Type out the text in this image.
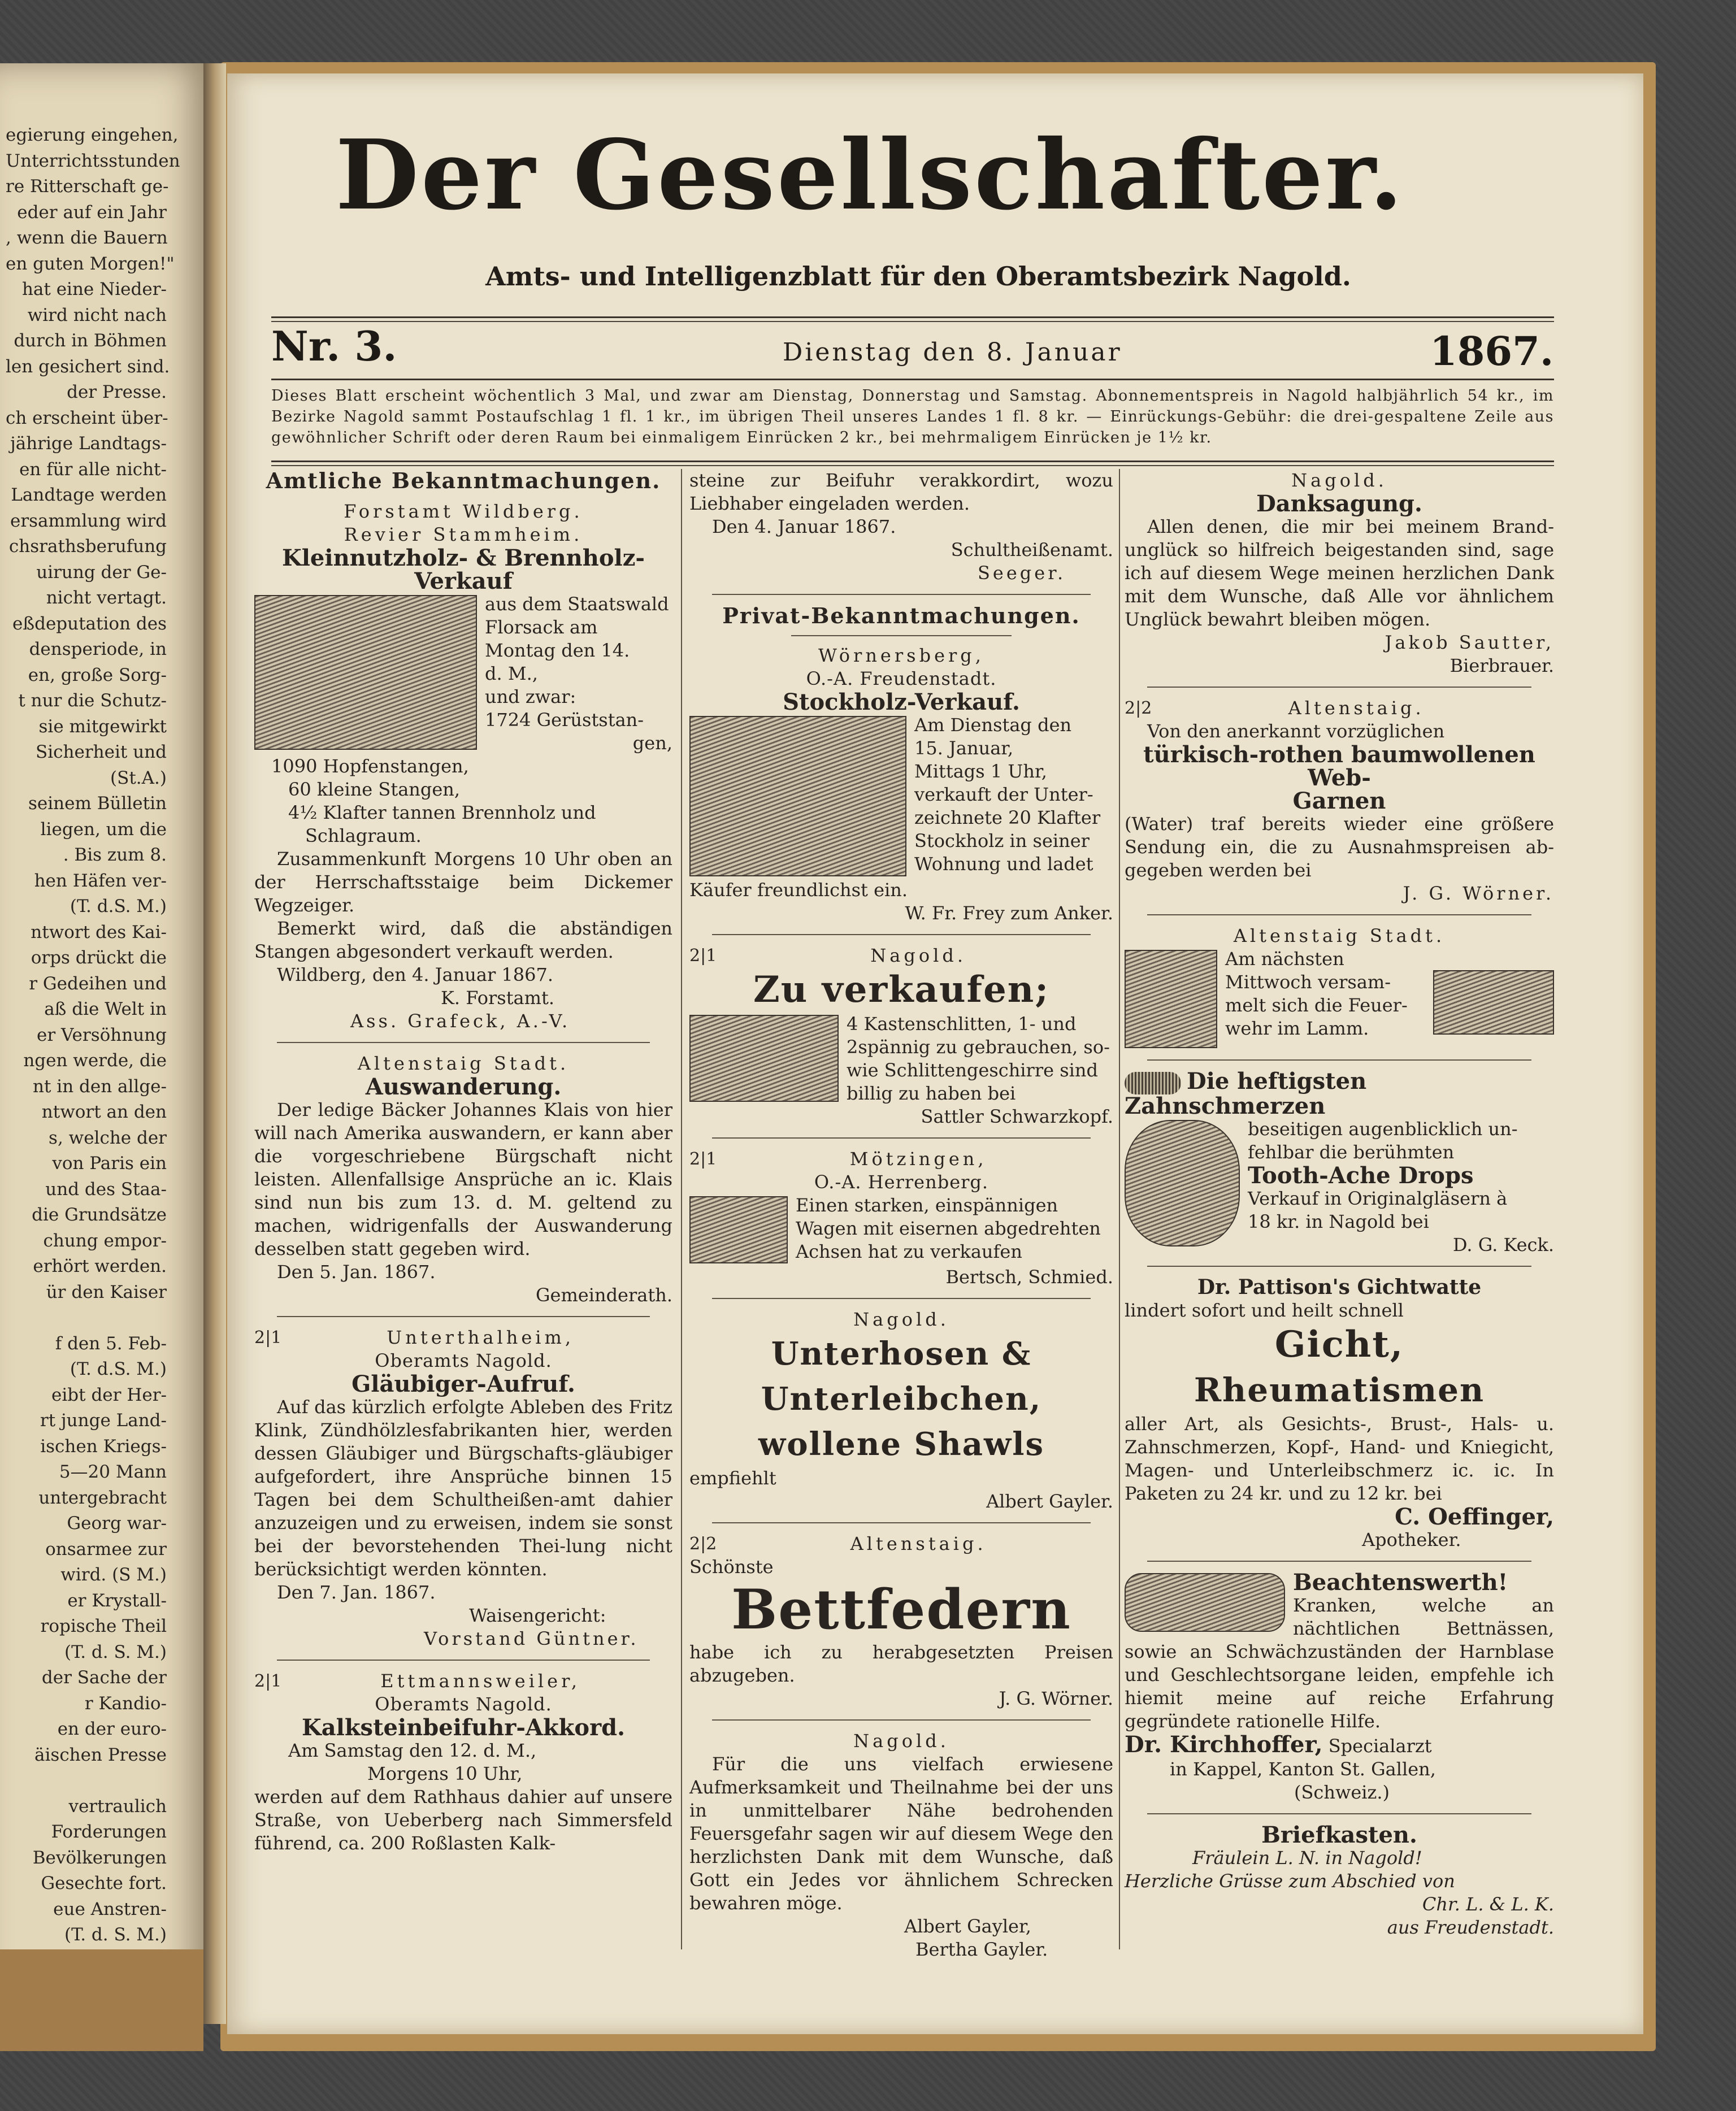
egierung eingehen,
Unterrichtsstunden
re Ritterschaft ge-
eder auf ein Jahr
, wenn die Bauern
en guten Morgen!"
hat eine Nieder-
wird nicht nach
durch in Böhmen
len gesichert sind.
der Presse.
ch erscheint über-
jährige Landtags-
en für alle nicht-
Landtage werden
ersammlung wird
chsrathsberufung
uirung der Ge-
nicht vertagt.
eßdeputation des
densperiode, in
en, große Sorg-
t nur die Schutz-
sie mitgewirkt
Sicherheit und
(St.A.)
seinem Bülletin
liegen, um die
. Bis zum 8.
hen Häfen ver-
(T. d.S. M.)
ntwort des Kai-
orps drückt die
r Gedeihen und
aß die Welt in
er Versöhnung
ngen werde, die
nt in den allge-
ntwort an den
s, welche der
von Paris ein
und des Staa-
die Grundsätze
chung empor-
erhört werden.
ür den Kaiser
f den 5. Feb-
(T. d.S. M.)
eibt der Her-
rt junge Land-
ischen Kriegs-
5—20 Mann
untergebracht
Georg war-
onsarmee zur
wird. (S M.)
er Krystall-
ropische Theil
(T. d. S. M.)
der Sache der
r Kandio-
en der euro-
äischen Presse
vertraulich
Forderungen
Bevölkerungen
Gesechte fort.
eue Anstren-
(T. d. S. M.)
Der Gesellschafter.
Amts- und Intelligenzblatt für den Oberamtsbezirk Nagold.
Nr. 3.	Dienstag den 8. Januar	1867.
Dieses Blatt erscheint wöchentlich 3 Mal, und zwar am Dienstag, Donnerstag und Samstag. Abonnementspreis in Nagold halbjährlich 54 kr., im Bezirke Nagold sammt Postaufschlag 1 fl. 1 kr., im übrigen Theil unseres Landes 1 fl. 8 kr. — Einrückungs-Gebühr: die drei-gespaltene Zeile aus gewöhnlicher Schrift oder deren Raum bei einmaligem Einrücken 2 kr., bei mehrmaligem Einrücken je 1½ kr.
Amtliche Bekanntmachungen.
Forstamt Wildberg.
Revier Stammheim.
Kleinnutzholz- & Brennholz-Verkauf
aus dem Staatswald
Florsack am
Montag den 14.
d. M.,
und zwar:
1724 Gerüststan-
gen,
1090 Hopfenstangen,
60 kleine Stangen,
4½ Klafter tannen Brennholz und
Schlagraum.
Zusammenkunft Morgens 10 Uhr oben an der Herrschaftsstaige beim Dickemer Wegzeiger.
Bemerkt wird, daß die abständigen Stangen abgesondert verkauft werden.
Wildberg, den 4. Januar 1867.
K. Forstamt.
Ass. Grafeck, A.-V.
Altenstaig Stadt.
Auswanderung.
Der ledige Bäcker Johannes Klais von hier will nach Amerika auswandern, er kann aber die vorgeschriebene Bürgschaft nicht leisten. Allenfallsige Ansprüche an ic. Klais sind nun bis zum 13. d. M. geltend zu machen, widrigenfalls der Auswanderung desselben statt gegeben wird.
Den 5. Jan. 1867.
Gemeinderath.
2|1	Unterthalheim,
Oberamts Nagold.
Gläubiger-Aufruf.
Auf das kürzlich erfolgte Ableben des Fritz Klink, Zündhölzlesfabrikanten hier, werden dessen Gläubiger und Bürgschafts-gläubiger aufgefordert, ihre Ansprüche binnen 15 Tagen bei dem Schultheißen-amt dahier anzuzeigen und zu erweisen, indem sie sonst bei der bevorstehenden Thei-lung nicht berücksichtigt werden könnten.
Den 7. Jan. 1867.
Waisengericht:
Vorstand Güntner.
2|1	Ettmannsweiler,
Oberamts Nagold.
Kalksteinbeifuhr-Akkord.
Am Samstag den 12. d. M.,
Morgens 10 Uhr,
werden auf dem Rathhaus dahier auf unsere Straße, von Ueberberg nach Simmersfeld führend, ca. 200 Roßlasten Kalk-
steine zur Beifuhr verakkordirt, wozu Liebhaber eingeladen werden.
Den 4. Januar 1867.
Schultheißenamt.
Seeger.
Privat-Bekanntmachungen.
Wörnersberg,
O.-A. Freudenstadt.
Stockholz-Verkauf.
Am Dienstag den
15. Januar,
Mittags 1 Uhr,
verkauft der Unter-
zeichnete 20 Klafter
Stockholz in seiner
Wohnung und ladet
Käufer freundlichst ein.
W. Fr. Frey zum Anker.
2|1	Nagold.
Zu verkaufen;
4 Kastenschlitten, 1- und
2spännig zu gebrauchen, so-
wie Schlittengeschirre sind
billig zu haben bei
Sattler Schwarzkopf.
2|1	Mötzingen,
O.-A. Herrenberg.
Einen starken, einspännigen
Wagen mit eisernen abgedrehten
Achsen hat zu verkaufen
Bertsch, Schmied.
Nagold.
Unterhosen & Unterleibchen,
wollene Shawls
empfiehlt
Albert Gayler.
2|2	Altenstaig.
Schönste
Bettfedern
habe ich zu herabgesetzten Preisen abzugeben.
J. G. Wörner.
Nagold.
Für die uns vielfach erwiesene Aufmerksamkeit und Theilnahme bei der uns in unmittelbarer Nähe bedrohenden Feuersgefahr sagen wir auf diesem Wege den herzlichsten Dank mit dem Wunsche, daß Gott ein Jedes vor ähnlichem Schrecken bewahren möge.
Albert Gayler,
Bertha Gayler.
Nagold.
Danksagung.
Allen denen, die mir bei meinem Brand-unglück so hilfreich beigestanden sind, sage ich auf diesem Wege meinen herzlichen Dank mit dem Wunsche, daß Alle vor ähnlichem Unglück bewahrt bleiben mögen.
Jakob Sautter,
Bierbrauer.
2|2	Altenstaig.
Von den anerkannt vorzüglichen
türkisch-rothen baumwollenen Web-
Garnen
(Water) traf bereits wieder eine größere Sendung ein, die zu Ausnahmspreisen ab-gegeben werden bei
J. G. Wörner.
Altenstaig Stadt.
Am nächsten
Mittwoch versam-
melt sich die Feuer-
wehr im Lamm.
Die heftigsten Zahnschmerzen
beseitigen augenblicklich un-
fehlbar die berühmten
Tooth-Ache Drops
Verkauf in Originalgläsern à
18 kr. in Nagold bei
D. G. Keck.
Dr. Pattison's Gichtwatte
lindert sofort und heilt schnell
Gicht,
Rheumatismen
aller Art, als Gesichts-, Brust-, Hals- u. Zahnschmerzen, Kopf-, Hand- und Kniegicht, Magen- und Unterleibschmerz ic. ic. In Paketen zu 24 kr. und zu 12 kr. bei
C. Oeffinger,
Apotheker.
Beachtenswerth!
Kranken, welche an nächtlichen Bettnässen, sowie an Schwächzuständen der Harnblase und Geschlechtsorgane leiden, empfehle ich hiemit meine auf reiche Erfahrung gegründete rationelle Hilfe.
Dr. Kirchhoffer, Specialarzt
in Kappel, Kanton St. Gallen,
(Schweiz.)
Briefkasten.
Fräulein L. N. in Nagold!
Herzliche Grüsse zum Abschied von
Chr. L. & L. K.
aus Freudenstadt.
